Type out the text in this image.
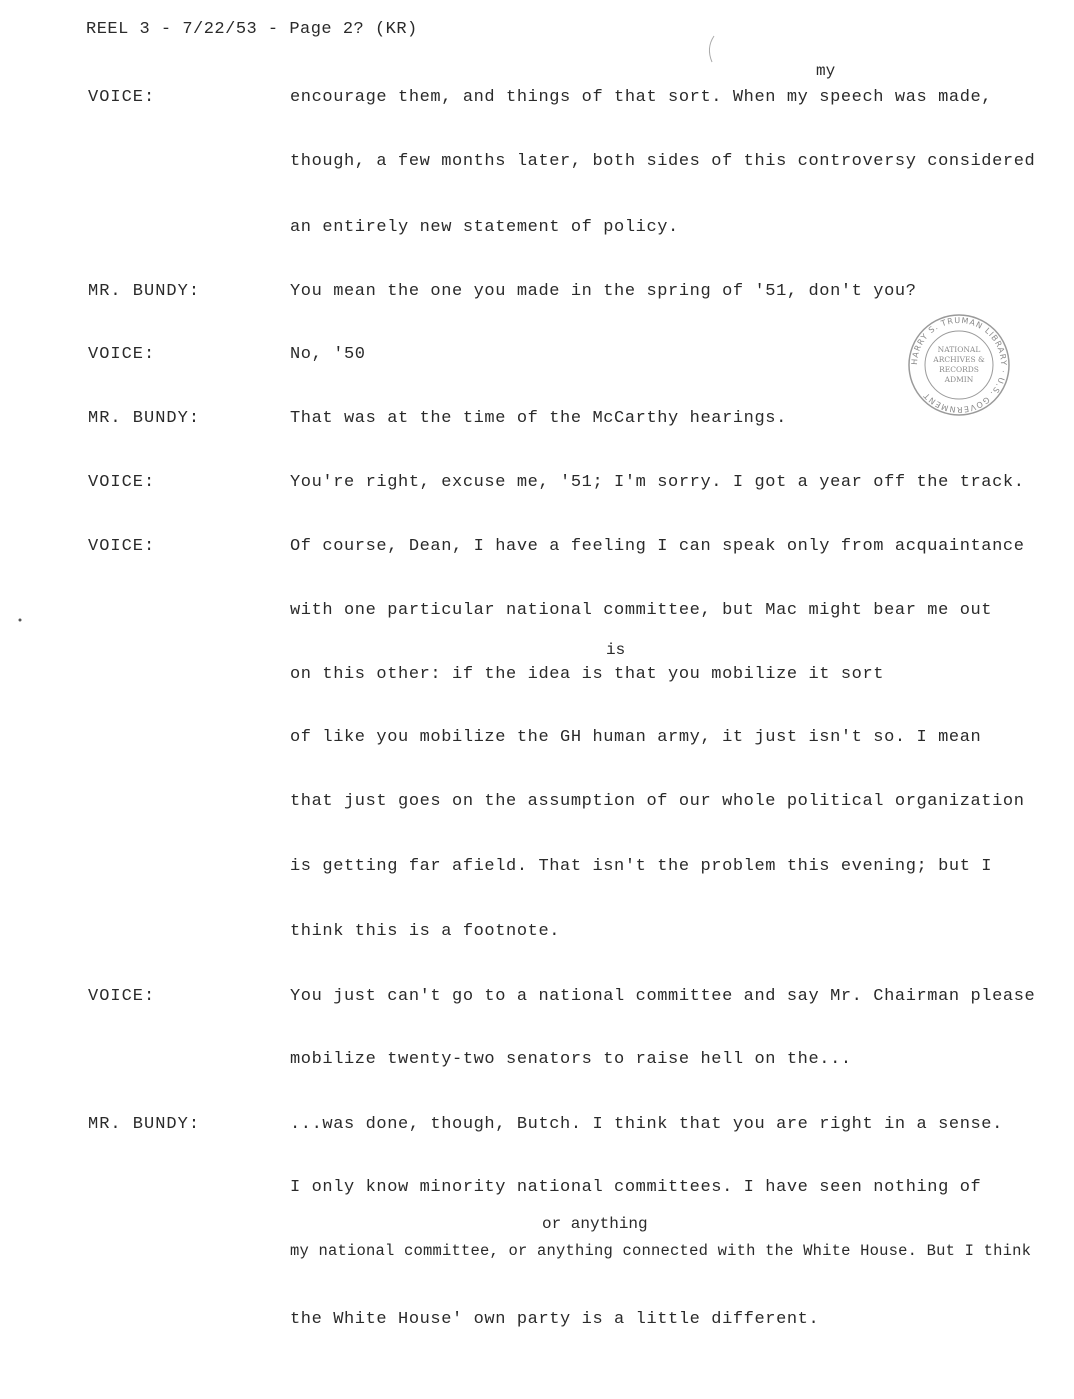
REEL 3 - 7/22/53 - Page 2? (KR)
HARRY S. TRUMAN LIBRARY · U.S. GOVERNMENT
NATIONAL
ARCHIVES &
RECORDS
ADMIN
VOICE:
MR. BUNDY:
VOICE:
MR. BUNDY:
VOICE:
VOICE:
VOICE:
MR. BUNDY:
my
is
or anything
encourage them, and things of that sort. When my speech was made,
though, a few months later, both sides of this controversy considered
an entirely new statement of policy.
You mean the one you made in the spring of '51, don't you?
No, '50
That was at the time of the McCarthy hearings.
You're right, excuse me, '51; I'm sorry. I got a year off the track.
Of course, Dean, I have a feeling I can speak only from acquaintance
with one particular national committee, but Mac might bear me out
on this other: if the idea is that you mobilize it sort
of like you mobilize the GH human army, it just isn't so. I mean
that just goes on the assumption of our whole political organization
is getting far afield. That isn't the problem this evening; but I
think this is a footnote.
You just can't go to a national committee and say Mr. Chairman please
mobilize twenty-two senators to raise hell on the...
...was done, though, Butch. I think that you are right in a sense.
I only know minority national committees. I have seen nothing of
my national committee, or anything connected with the White House. But I think
the White House' own party is a little different.
